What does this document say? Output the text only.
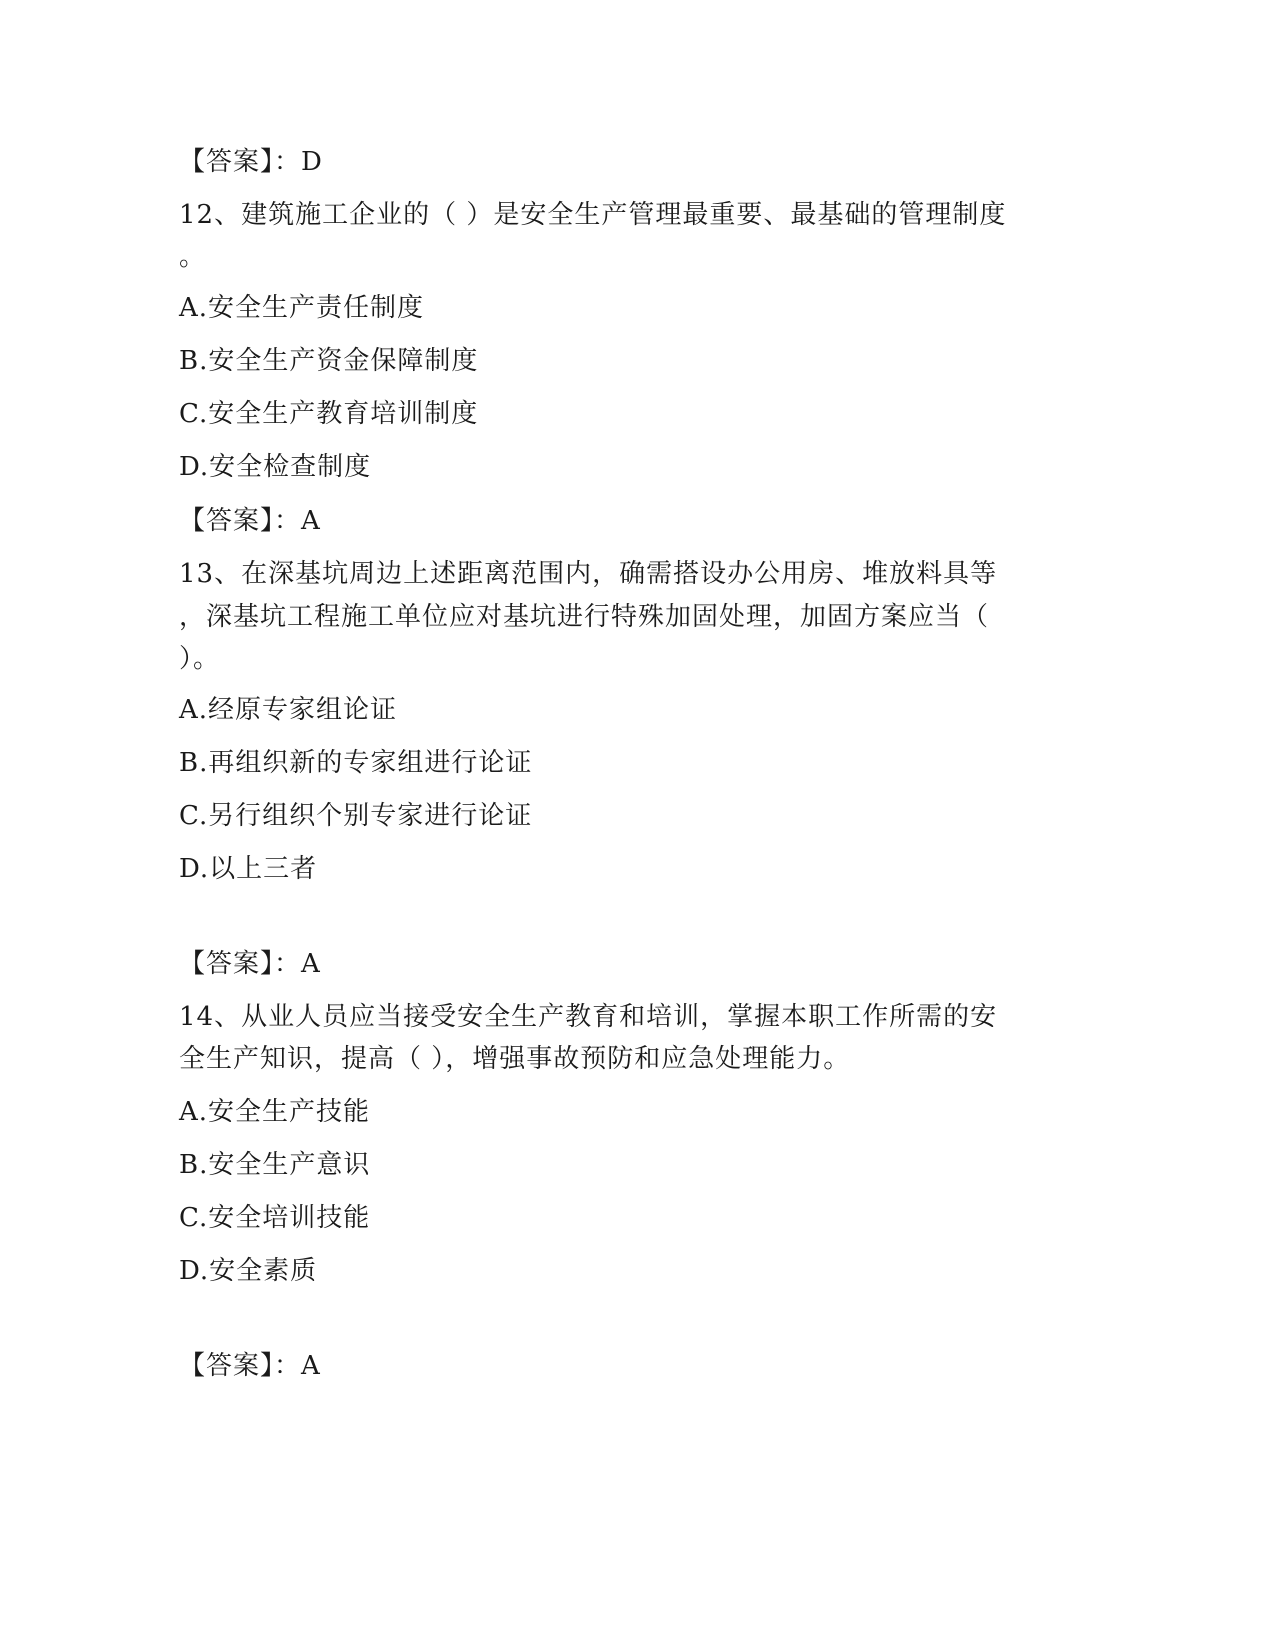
【答案】：D
12、建筑施工企业的（ ）是安全生产管理最重要、最基础的管理制度
。
A.安全生产责任制度
B.安全生产资金保障制度
C.安全生产教育培训制度
D.安全检查制度
【答案】：A
13、在深基坑周边上述距离范围内，确需搭设办公用房、堆放料具等
，深基坑工程施工单位应对基坑进行特殊加固处理，加固方案应当（
）。
A.经原专家组论证
B.再组织新的专家组进行论证
C.另行组织个别专家进行论证
D.以上三者
【答案】：A
14、从业人员应当接受安全生产教育和培训，掌握本职工作所需的安
全生产知识，提高（ ），增强事故预防和应急处理能力。
A.安全生产技能
B.安全生产意识
C.安全培训技能
D.安全素质
【答案】：A
